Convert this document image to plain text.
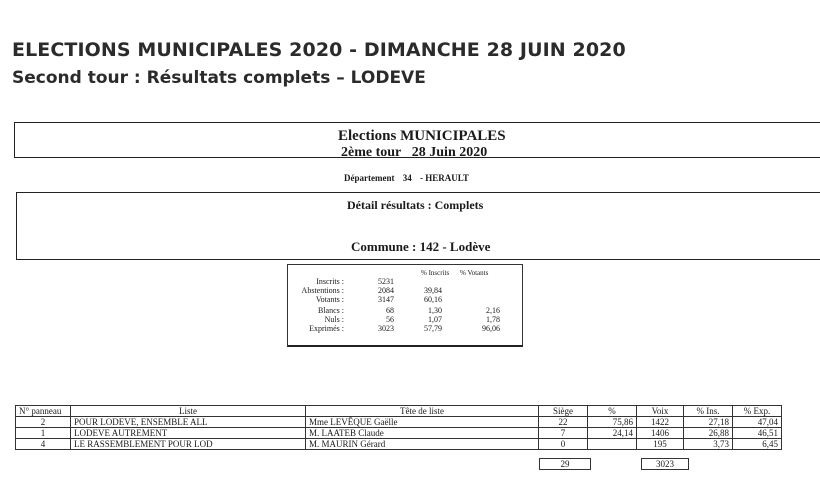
ELECTIONS MUNICIPALES 2020 - DIMANCHE 28 JUIN 2020
Second tour : Résultats complets – LODEVE
Elections MUNICIPALES
2ème tour 28 Juin 2020
Département 34 - HERAULT
Détail résultats : Complets
Commune : 142 - Lodève
% Inscrits % Votants
Inscrits :	5231
Abstentions :	2084	39,84
Votants :	3147	60,16
Blancs :	68	1,30	2,16
Nuls :	56	1,07	1,78
Exprimés :	3023	57,79	96,06
N° panneau	Liste	Tête de liste	Siège	%	Voix	% Ins.	% Exp.
2	POUR LODEVE, ENSEMBLE ALL	Mme LEVÊQUE Gaëlle	22	75,86	1422	27,18	47,04
1	LODEVE AUTREMENT	M. LAATEB Claude	7	24,14	1406	26,88	46,51
4	LE RASSEMBLEMENT POUR LOD	M. MAURIN Gérard	0		195	3,73	6,45
29	3023
